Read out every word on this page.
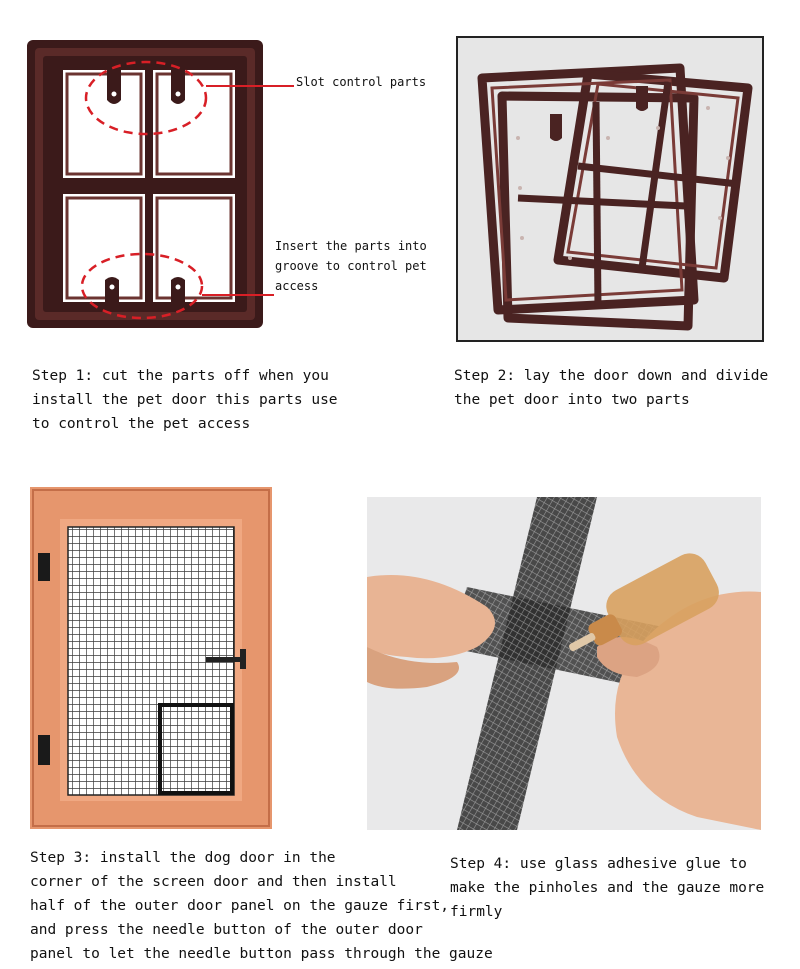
Slot control parts
Insert the parts into
groove to control pet
access
Step 1: cut the parts off when you
install the pet door this parts use
to control the pet access
Step 2: lay the door down and divide
the pet door into two parts
Step 3: install the dog door in the
corner of the screen door and then install
half of the outer door panel on the gauze first,
and press the needle button of the outer door
panel to let the needle button pass through the gauze
Step 4: use glass adhesive glue to
make the pinholes and the gauze more
firmly
